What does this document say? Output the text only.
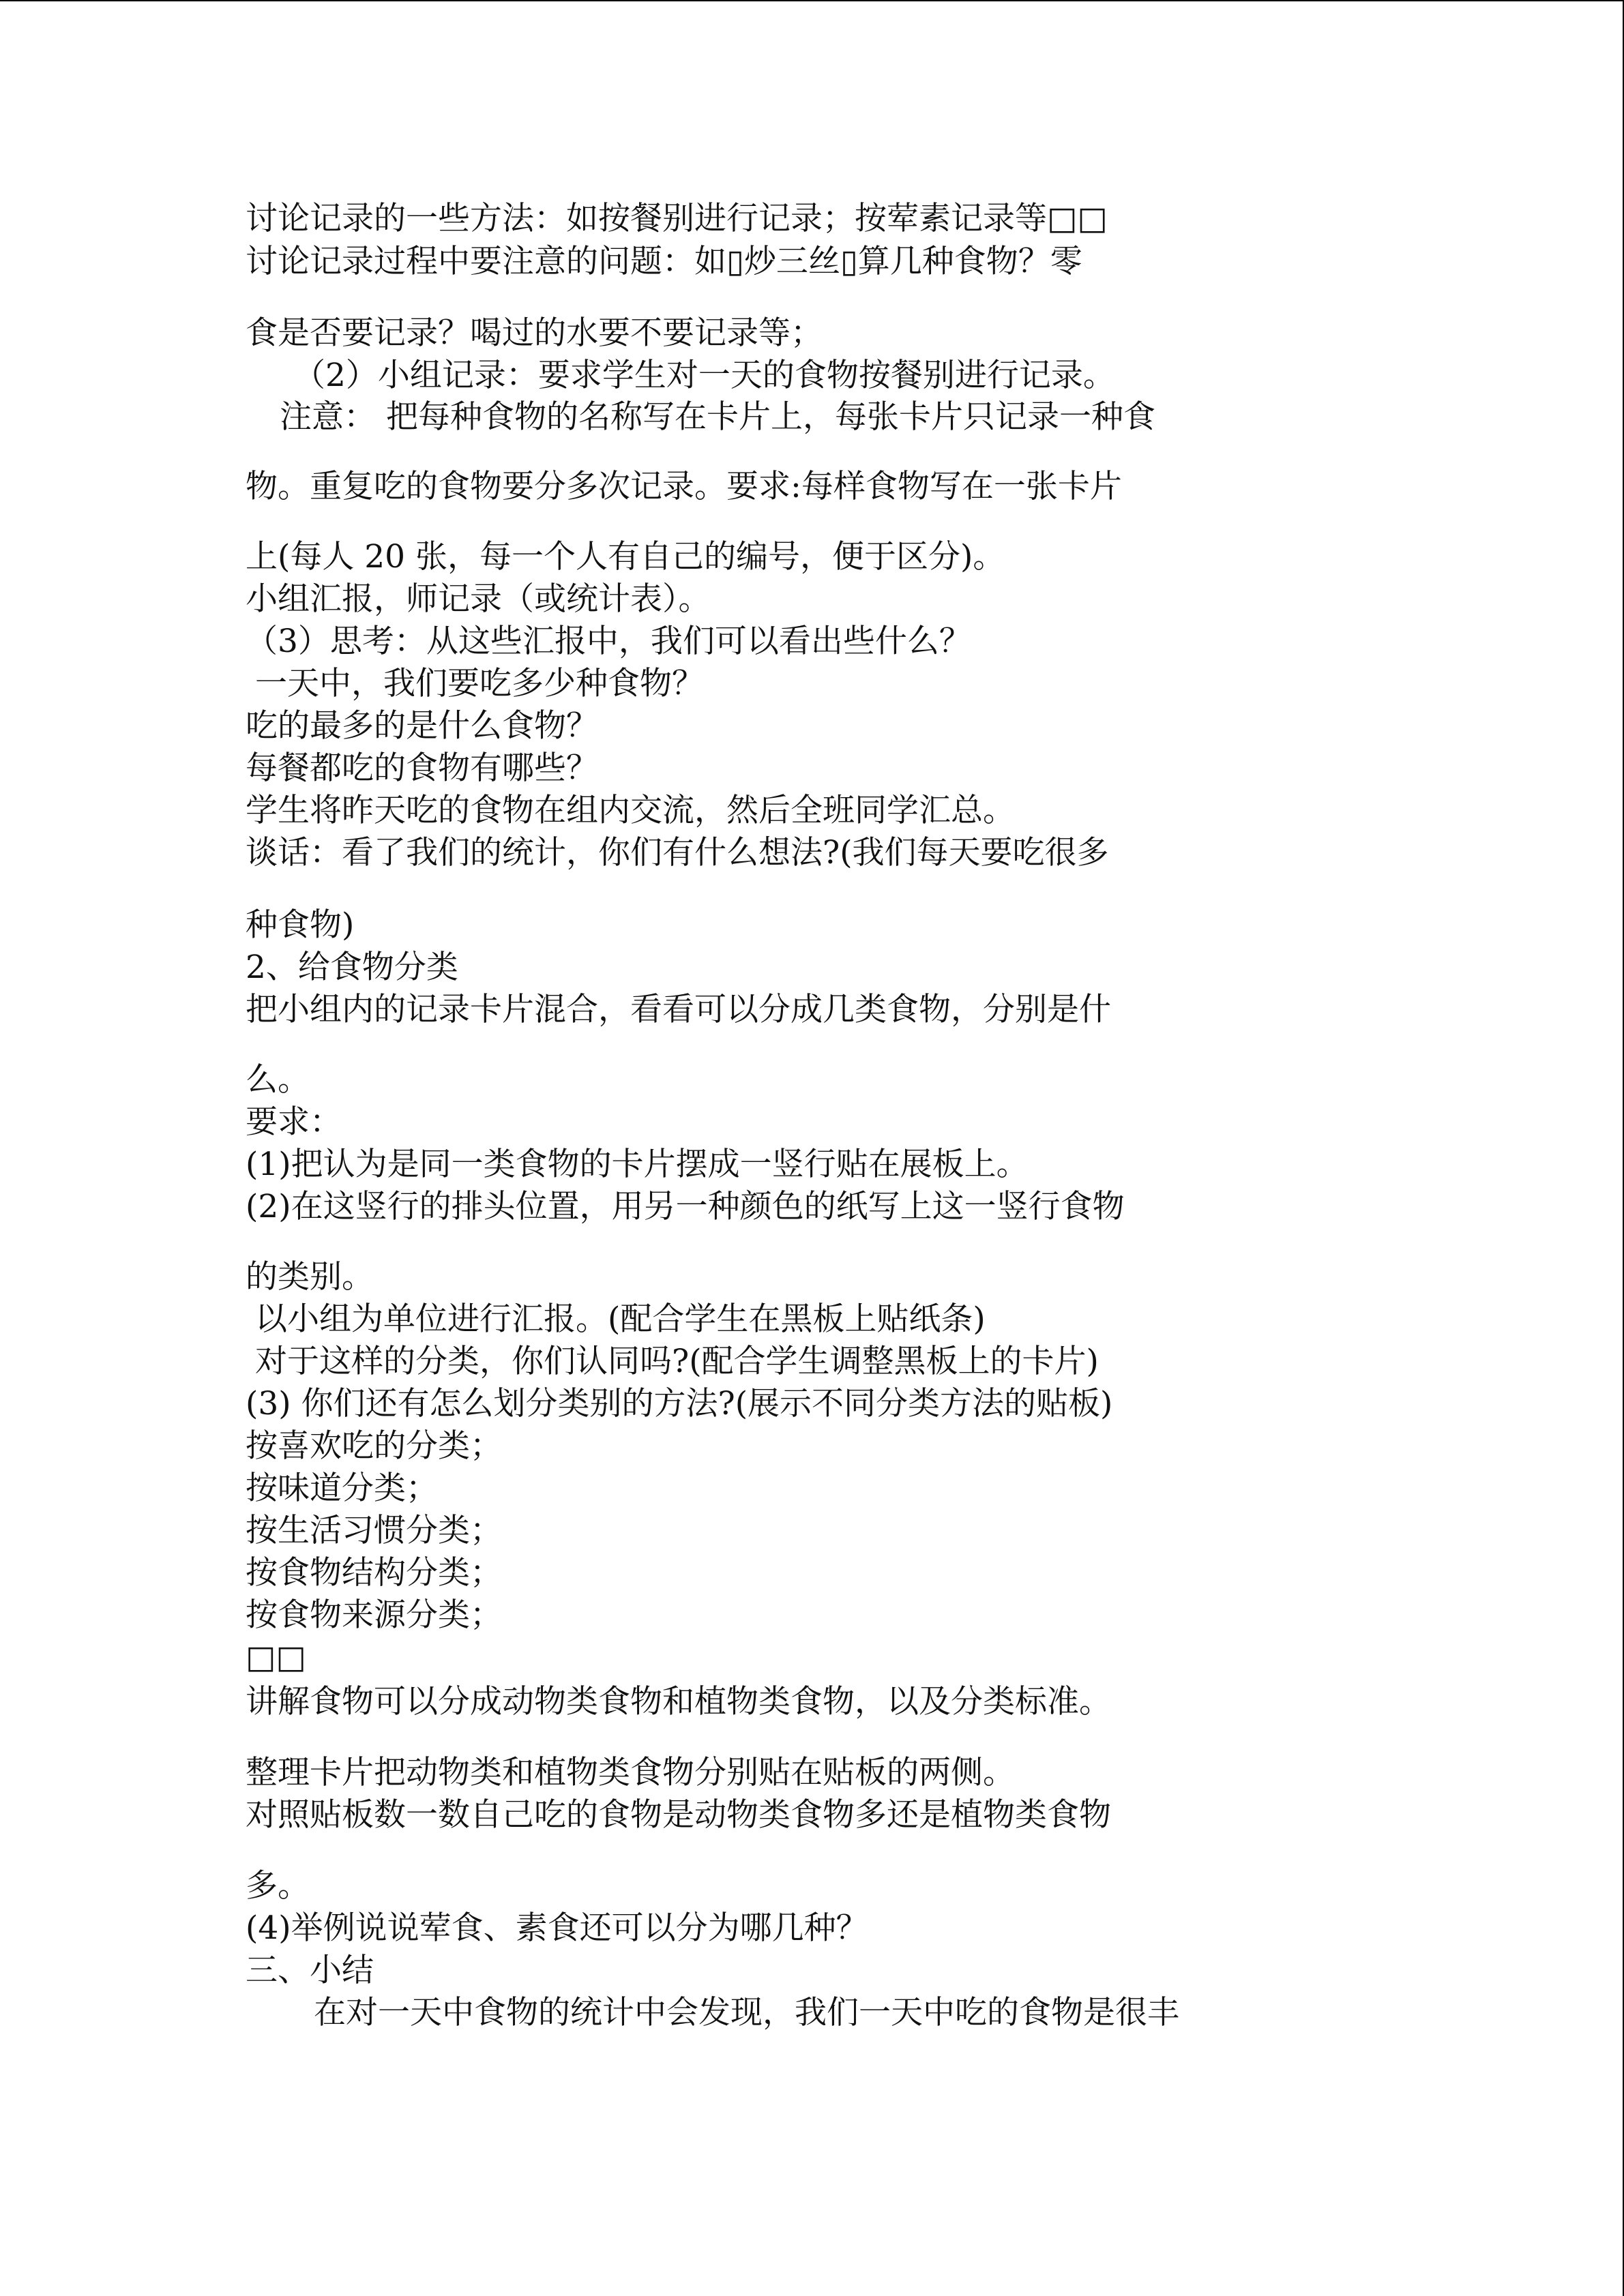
讨论记录的一些方法：如按餐别进行记录；按荤素记录等□□
讨论记录过程中要注意的问题：如▯炒三丝▯算几种食物？零
食是否要记录？喝过的水要不要记录等；
（2）小组记录：要求学生对一天的食物按餐别进行记录。
注意： 把每种食物的名称写在卡片上，每张卡片只记录一种食
物。重复吃的食物要分多次记录。要求:每样食物写在一张卡片
上(每人 20 张，每一个人有自己的编号，便于区分)。
小组汇报，师记录（或统计表）。
（3）思考：从这些汇报中，我们可以看出些什么？
一天中，我们要吃多少种食物？
吃的最多的是什么食物？
每餐都吃的食物有哪些？
学生将昨天吃的食物在组内交流，然后全班同学汇总。
谈话：看了我们的统计，你们有什么想法?(我们每天要吃很多
种食物)
2、给食物分类
把小组内的记录卡片混合，看看可以分成几类食物，分别是什
么。
要求：
(1)把认为是同一类食物的卡片摆成一竖行贴在展板上。
(2)在这竖行的排头位置，用另一种颜色的纸写上这一竖行食物
的类别。
以小组为单位进行汇报。(配合学生在黑板上贴纸条)
对于这样的分类，你们认同吗?(配合学生调整黑板上的卡片)
(3) 你们还有怎么划分类别的方法?(展示不同分类方法的贴板)
按喜欢吃的分类；
按味道分类；
按生活习惯分类；
按食物结构分类；
按食物来源分类；
□□
讲解食物可以分成动物类食物和植物类食物，以及分类标准。
整理卡片把动物类和植物类食物分别贴在贴板的两侧。
对照贴板数一数自己吃的食物是动物类食物多还是植物类食物
多。
(4)举例说说荤食、素食还可以分为哪几种？
三、小结
在对一天中食物的统计中会发现，我们一天中吃的食物是很丰
